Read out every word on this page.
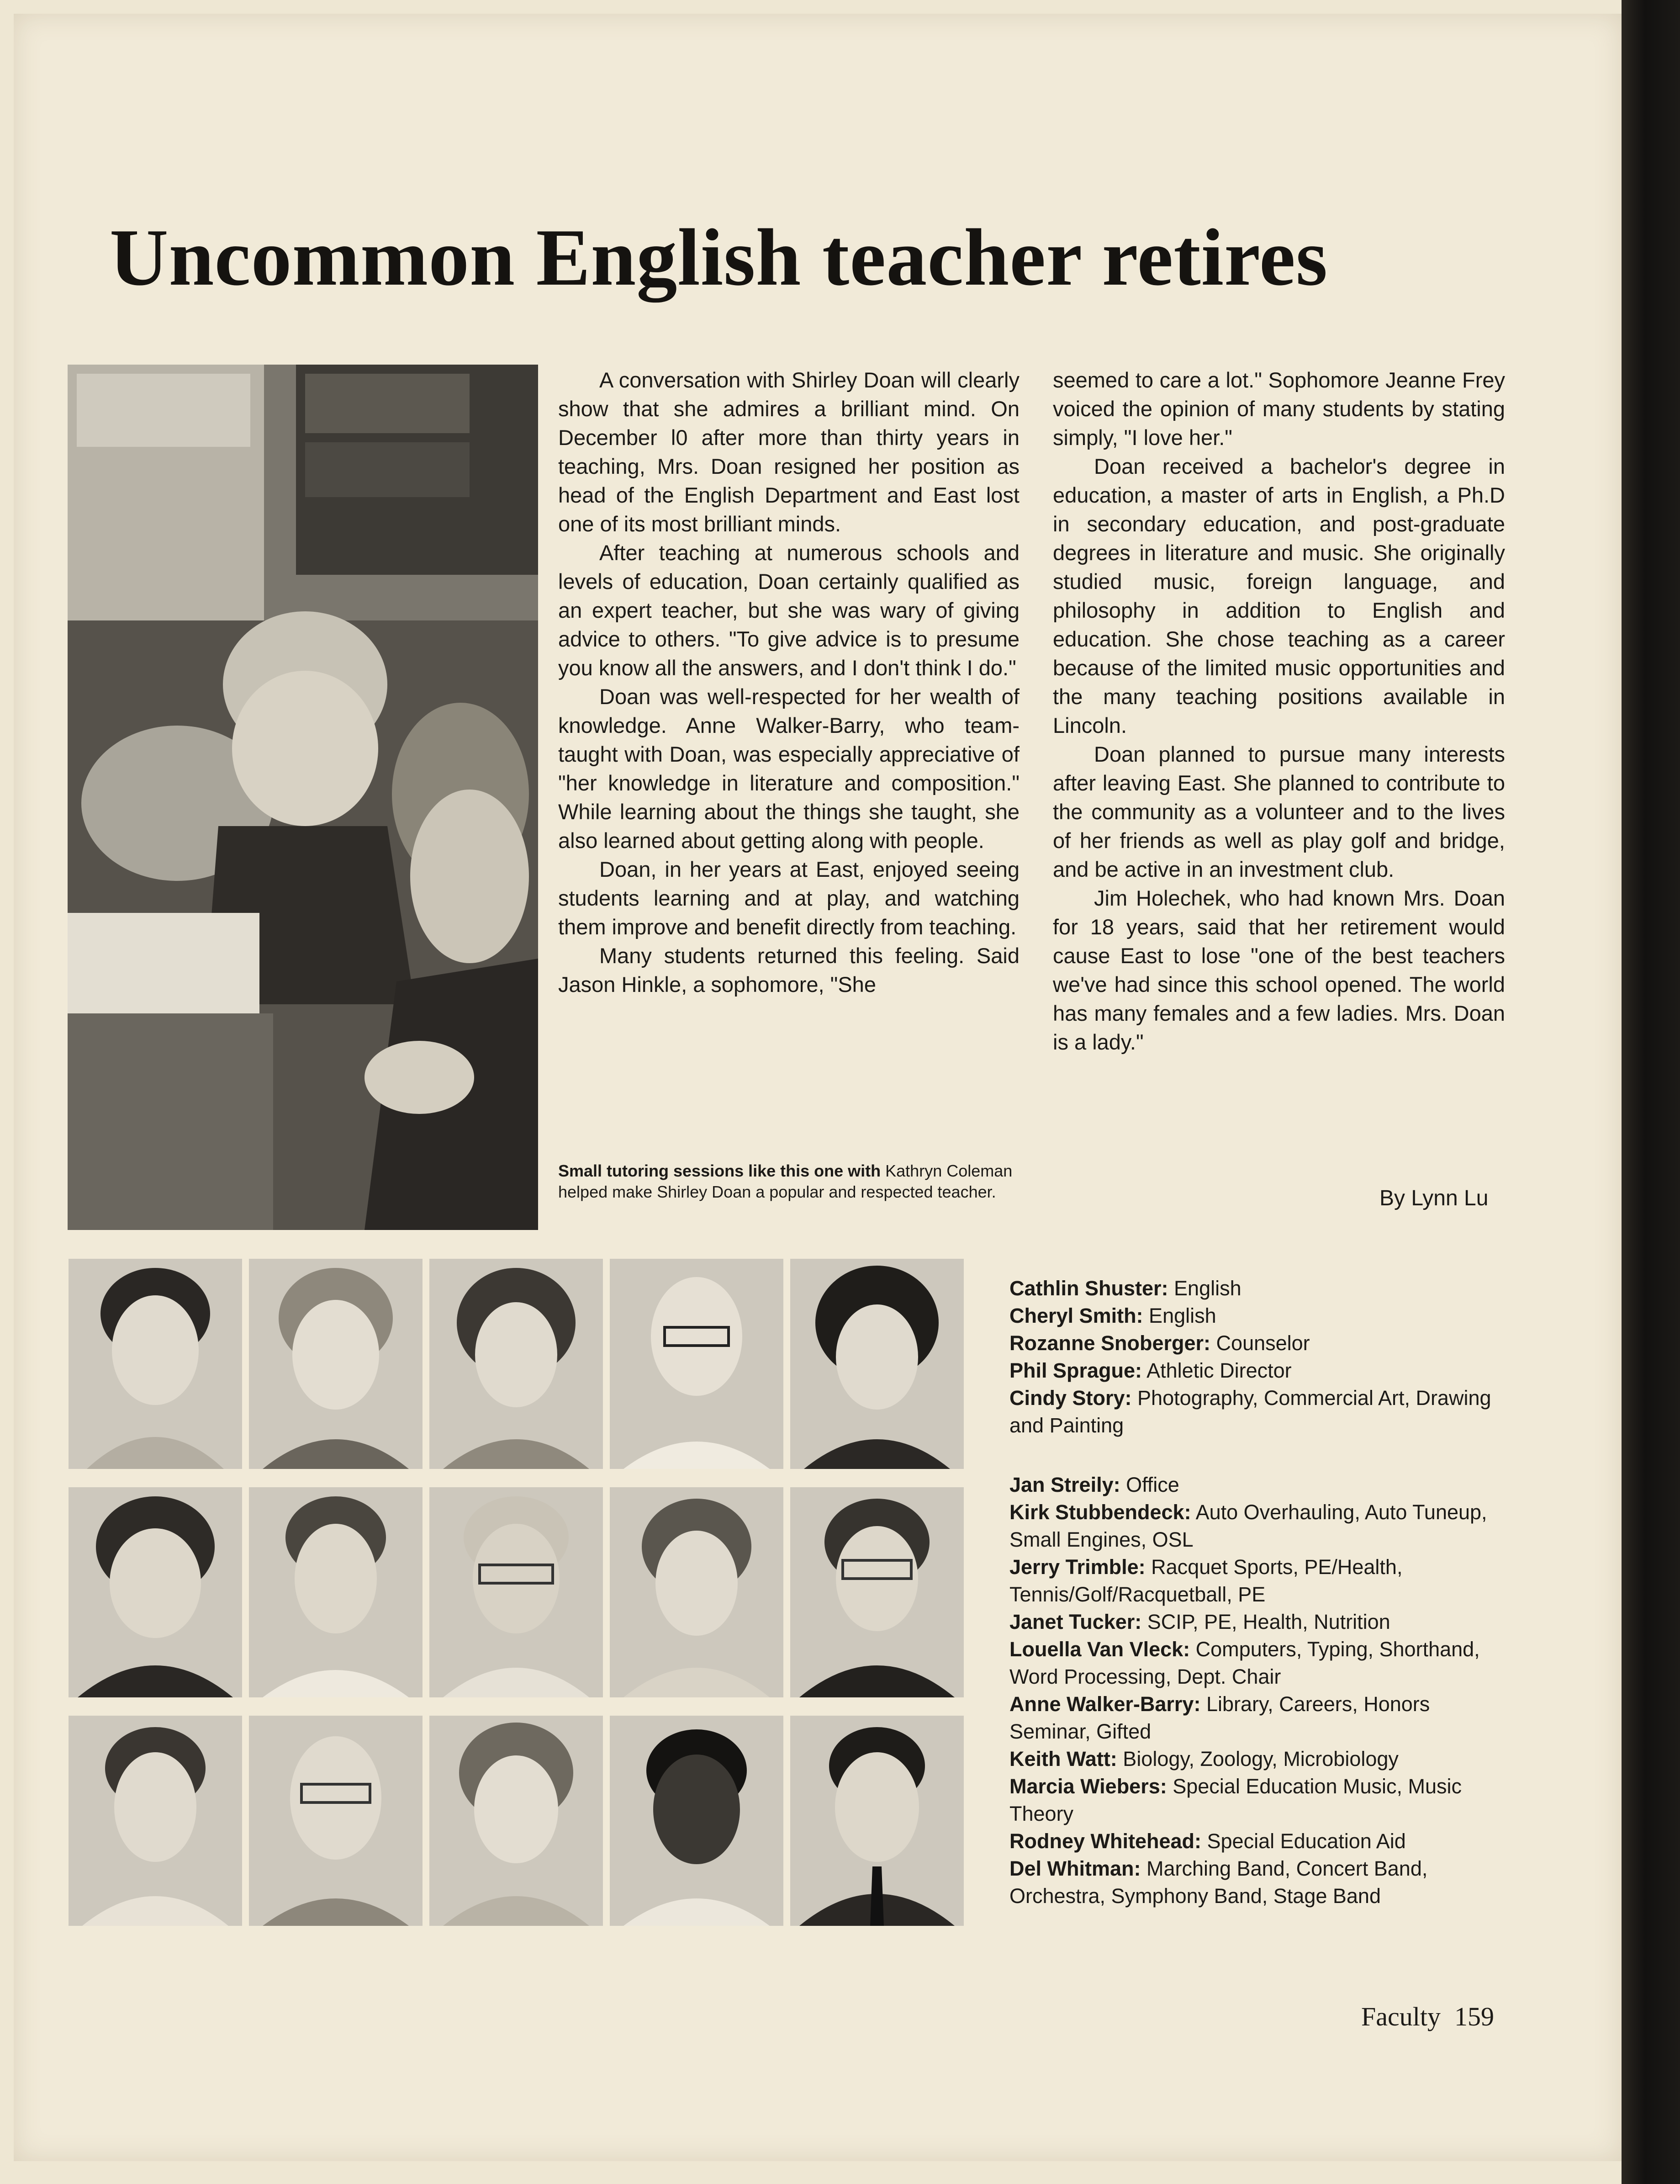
Uncommon English teacher retires

A conversation with Shirley Doan will clearly show that she admires a brilliant mind. On December l0 after more than thirty years in teaching, Mrs. Doan resigned her position as head of the English Department and East lost one of its most brilliant minds.

After teaching at numerous schools and levels of education, Doan certainly qualified as an expert teacher, but she was wary of giving advice to others. "To give advice is to presume you know all the answers, and I don't think I do."

Doan was well-respected for her wealth of knowledge. Anne Walker-Barry, who team-taught with Doan, was especially appreciative of "her knowledge in literature and composition." While learning about the things she taught, she also learned about getting along with people.

Doan, in her years at East, enjoyed seeing students learning and at play, and watching them improve and benefit directly from teaching.

Many students returned this feeling. Said Jason Hinkle, a sophomore, "She

Small tutoring sessions like this one with Kathryn Coleman helped make Shirley Doan a popular and respected teacher.

seemed to care a lot." Sophomore Jeanne Frey voiced the opinion of many students by stating simply, "I love her."

Doan received a bachelor's degree in education, a master of arts in English, a Ph.D in secondary education, and post-graduate degrees in literature and music. She originally studied music, foreign language, and philosophy in addition to English and education. She chose teaching as a career because of the limited music opportunities and the many teaching positions available in Lincoln.

Doan planned to pursue many interests after leaving East. She planned to contribute to the community as a volunteer and to the lives of her friends as well as play golf and bridge, and be active in an investment club.

Jim Holechek, who had known Mrs. Doan for 18 years, said that her retirement would cause East to lose "one of the best teachers we've had since this school opened. The world has many females and a few ladies. Mrs. Doan is a lady."

By Lynn Lu

Cathlin Shuster: English

Cheryl Smith: English

Rozanne Snoberger: Counselor

Phil Sprague: Athletic Director

Cindy Story: Photography, Commercial Art, Drawing and Painting

Jan Streily: Office

Kirk Stubbendeck: Auto Overhauling, Auto Tuneup, Small Engines, OSL

Jerry Trimble: Racquet Sports, PE/Health, Tennis/Golf/Racquetball, PE

Janet Tucker: SCIP, PE, Health, Nutrition

Louella Van Vleck: Computers, Typing, Shorthand, Word Processing, Dept. Chair

Anne Walker-Barry: Library, Careers, Honors Seminar, Gifted

Keith Watt: Biology, Zoology, Microbiology

Marcia Wiebers: Special Education Music, Music Theory

Rodney Whitehead: Special Education Aid

Del Whitman: Marching Band, Concert Band, Orchestra, Symphony Band, Stage Band

Faculty 159
